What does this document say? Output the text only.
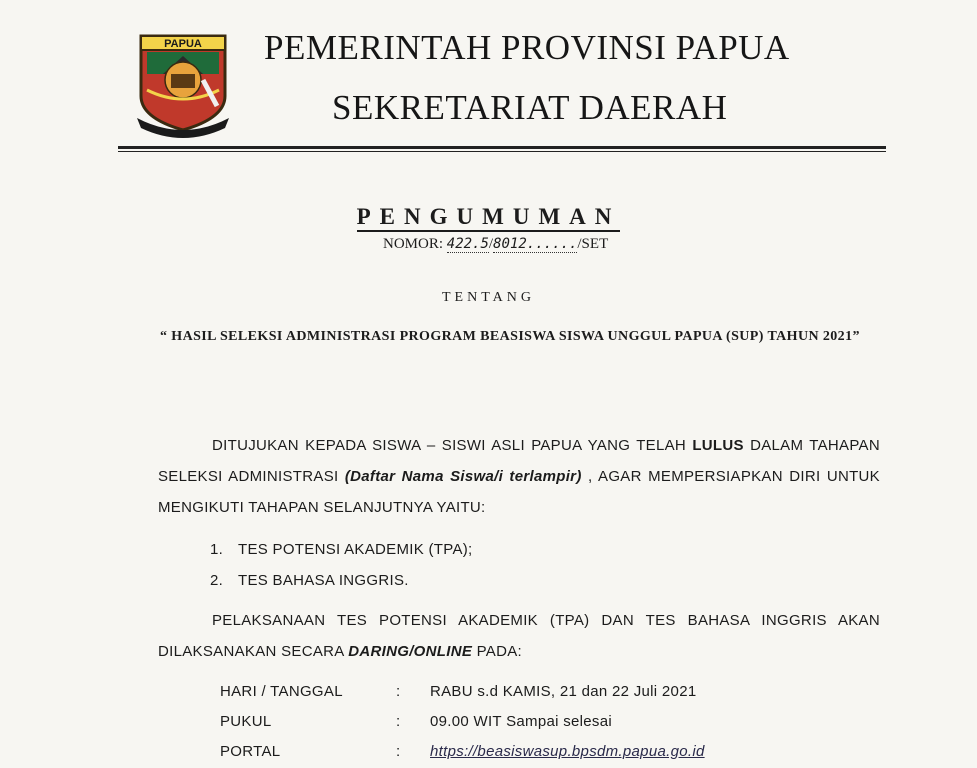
PAPUA PEMERINTAH PROVINSI PAPUA
SEKRETARIAT DAERAH
PENGUMUMAN
NOMOR: 422.5/8012....../SET
TENTANG
“ HASIL SELEKSI ADMINISTRASI PROGRAM BEASISWA SISWA UNGGUL PAPUA (SUP) TAHUN 2021”
DITUJUKAN KEPADA SISWA – SISWI ASLI PAPUA YANG TELAH LULUS DALAM TAHAPAN SELEKSI ADMINISTRASI (Daftar Nama Siswa/i terlampir) , AGAR MEMPERSIAPKAN DIRI UNTUK MENGIKUTI TAHAPAN SELANJUTNYA YAITU:
1. TES POTENSI AKADEMIK (TPA);
2. TES BAHASA INGGRIS.
PELAKSANAAN TES POTENSI AKADEMIK (TPA) DAN TES BAHASA INGGRIS AKAN DILAKSANAKAN SECARA DARING/ONLINE PADA:
HARI / TANGGAL	:	RABU s.d KAMIS, 21 dan 22 Juli 2021
PUKUL	:	09.00 WIT Sampai selesai
PORTAL	:	https://beasiswasup.bpsdm.papua.go.id
